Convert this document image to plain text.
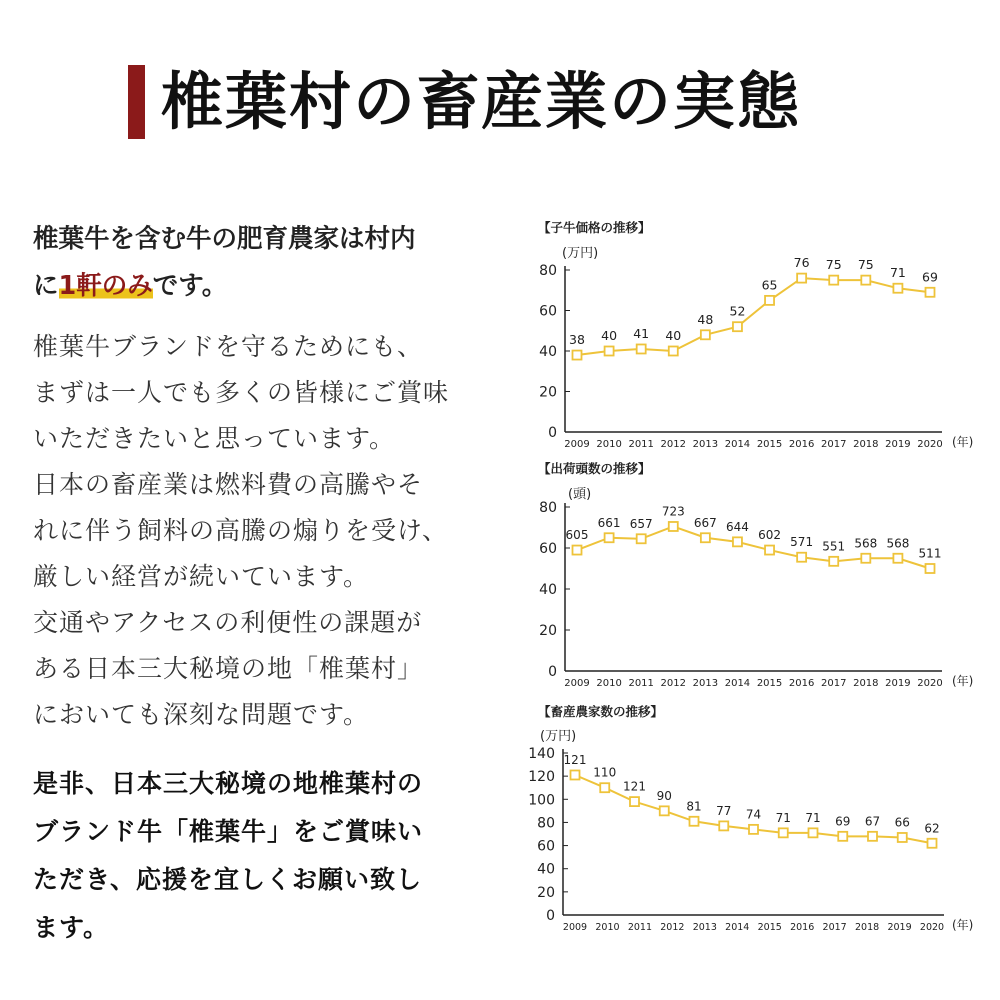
椎葉村の畜産業の実態
椎葉牛を含む牛の肥育農家は村内
に1軒のみです。
椎葉牛ブランドを守るためにも、
まずは一人でも多くの皆様にご賞味
いただきたいと思っています。
日本の畜産業は燃料費の高騰やそ
れに伴う飼料の高騰の煽りを受け、
厳しい経営が続いています。
交通やアクセスの利便性の課題が
ある日本三大秘境の地「椎葉村」
においても深刻な問題です。
是非、日本三大秘境の地椎葉村の
ブランド牛「椎葉牛」をご賞味い
ただき、応援を宜しくお願い致し
ます。
【子牛価格の推移】
(万円)
0
20
40
60
80
2009 2010 2011 2012 2013 2014 2015 2016 2017 2018 2019 2020 (年)
38 40 41 40
48
52
65
76 75 75
71 69
【出荷頭数の推移】
(頭)
0
20
40
60
80
2009 2010 2011 2012 2013 2014 2015 2016 2017 2018 2019 2020 (年)
605
661 657
723
667 644
602
571 551 568 568
511
【畜産農家数の推移】
(万円)
0
20
40
60
80
100
120
140
2009 2010 2011 2012 2013 2014 2015 2016 2017 2018 2019 2020 (年)
121
110
121
90
81 77 74 71 71 69 67 66 62
